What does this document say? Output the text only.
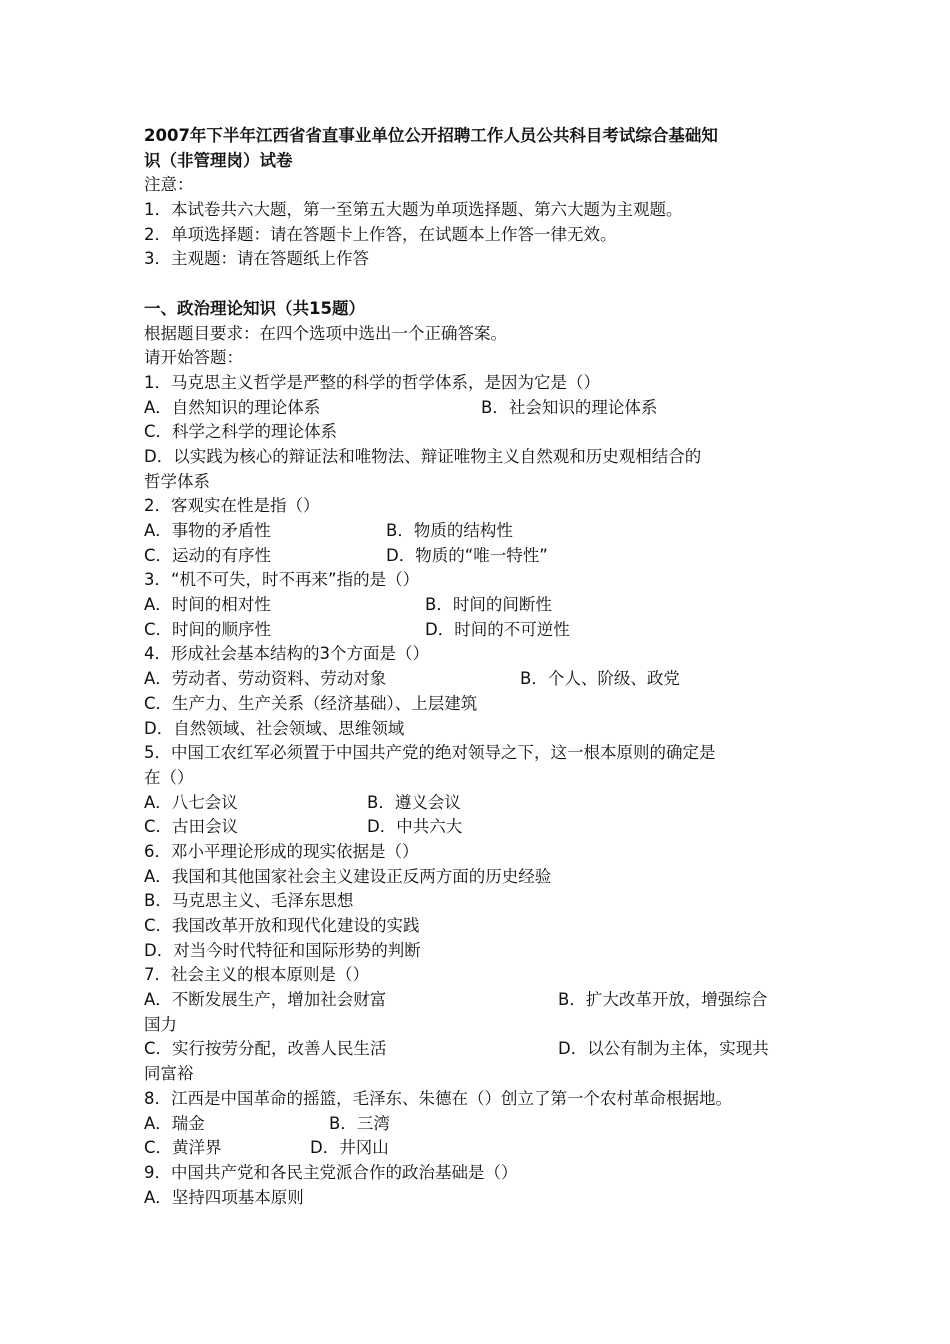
2007年下半年江西省省直事业单位公开招聘工作人员公共科目考试综合基础知
识（非管理岗）试卷
注意：
1．本试卷共六大题，第一至第五大题为单项选择题、第六大题为主观题。
2．单项选择题：请在答题卡上作答，在试题本上作答一律无效。
3．主观题：请在答题纸上作答
一、政治理论知识（共15题）
根据题目要求：在四个选项中选出一个正确答案。
请开始答题：
1．马克思主义哲学是严整的科学的哲学体系，是因为它是（）
A．自然知识的理论体系	B．社会知识的理论体系
C．科学之科学的理论体系
D．以实践为核心的辩证法和唯物法、辩证唯物主义自然观和历史观相结合的
哲学体系
2．客观实在性是指（）
A．事物的矛盾性	B．物质的结构性
C．运动的有序性	D．物质的“唯一特性”
3．“机不可失，时不再来”指的是（）
A．时间的相对性	B．时间的间断性
C．时间的顺序性	D．时间的不可逆性
4．形成社会基本结构的3个方面是（）
A．劳动者、劳动资料、劳动对象	B．个人、阶级、政党
C．生产力、生产关系（经济基础）、上层建筑
D．自然领域、社会领域、思维领域
5．中国工农红军必须置于中国共产党的绝对领导之下，这一根本原则的确定是
在（）
A．八七会议	B．遵义会议
C．古田会议	D．中共六大
6．邓小平理论形成的现实依据是（）
A．我国和其他国家社会主义建设正反两方面的历史经验
B．马克思主义、毛泽东思想
C．我国改革开放和现代化建设的实践
D．对当今时代特征和国际形势的判断
7．社会主义的根本原则是（）
A．不断发展生产，增加社会财富	B．扩大改革开放，增强综合
国力
C．实行按劳分配，改善人民生活	D．以公有制为主体，实现共
同富裕
8．江西是中国革命的摇篮，毛泽东、朱德在（）创立了第一个农村革命根据地。
A．瑞金	B．三湾
C．黄洋界	D．井冈山
9．中国共产党和各民主党派合作的政治基础是（）
A．坚持四项基本原则
